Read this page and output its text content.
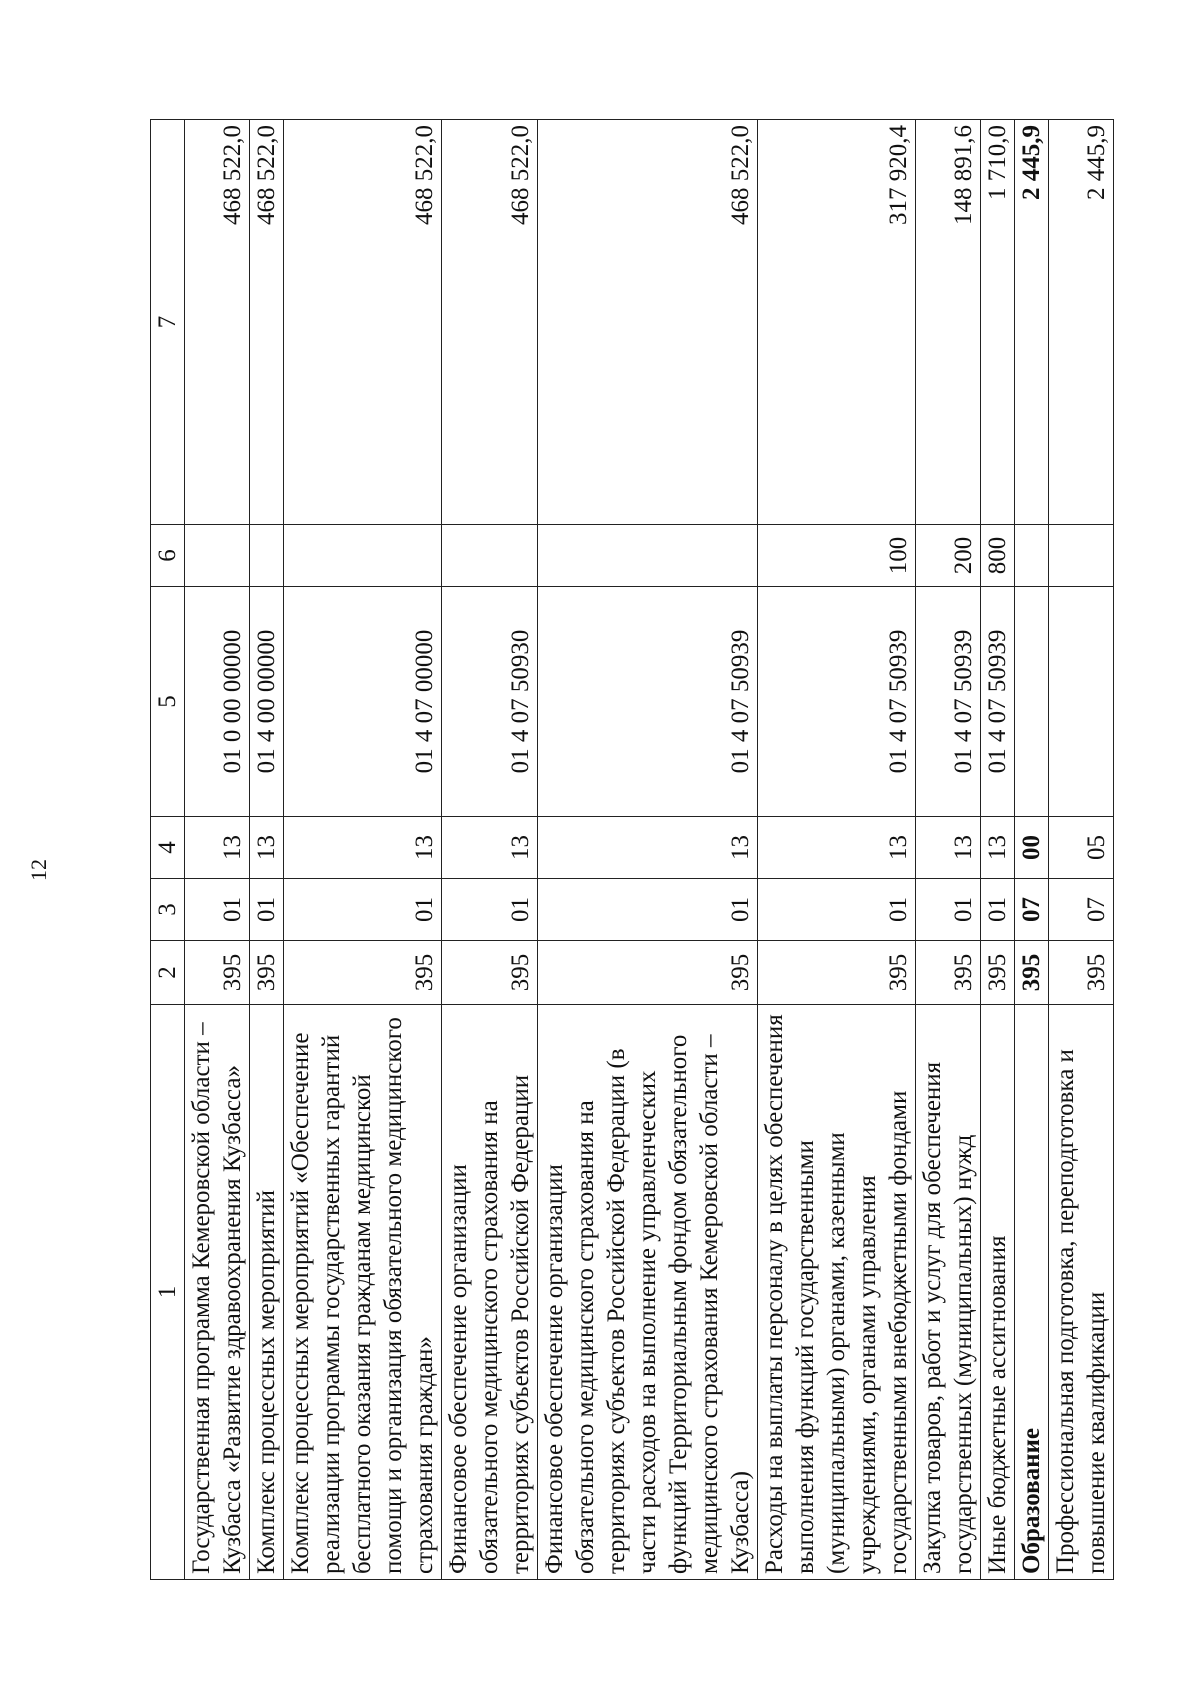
12
1	2	3	4	5	6	7
Государственная программа Кемеровской области – Кузбасса «Развитие здравоохранения Кузбасса»	395	01	13	01 0 00 00000		468 522,0
Комплекс процессных мероприятий	395	01	13	01 4 00 00000		468 522,0
Комплекс процессных мероприятий «Обеспечение реализации программы государственных гарантий бесплатного оказания гражданам медицинской помощи и организация обязательного медицинского страхования граждан»	395	01	13	01 4 07 00000		468 522,0
Финансовое обеспечение организации обязательного медицинского страхования на территориях субъектов Российской Федерации	395	01	13	01 4 07 50930		468 522,0
Финансовое обеспечение организации обязательного медицинского страхования на территориях субъектов Российской Федерации (в части расходов на выполнение управленческих функций Территориальным фондом обязательного медицинского страхования Кемеровской области – Кузбасса)	395	01	13	01 4 07 50939		468 522,0
Расходы на выплаты персоналу в целях обеспечения выполнения функций государственными (муниципальными) органами, казенными учреждениями, органами управления государственными внебюджетными фондами	395	01	13	01 4 07 50939	100	317 920,4
Закупка товаров, работ и услуг для обеспечения государственных (муниципальных) нужд	395	01	13	01 4 07 50939	200	148 891,6
Иные бюджетные ассигнования	395	01	13	01 4 07 50939	800	1 710,0
Образование	395	07	00			2 445,9
Профессиональная подготовка, переподготовка и повышение квалификации	395	07	05			2 445,9
